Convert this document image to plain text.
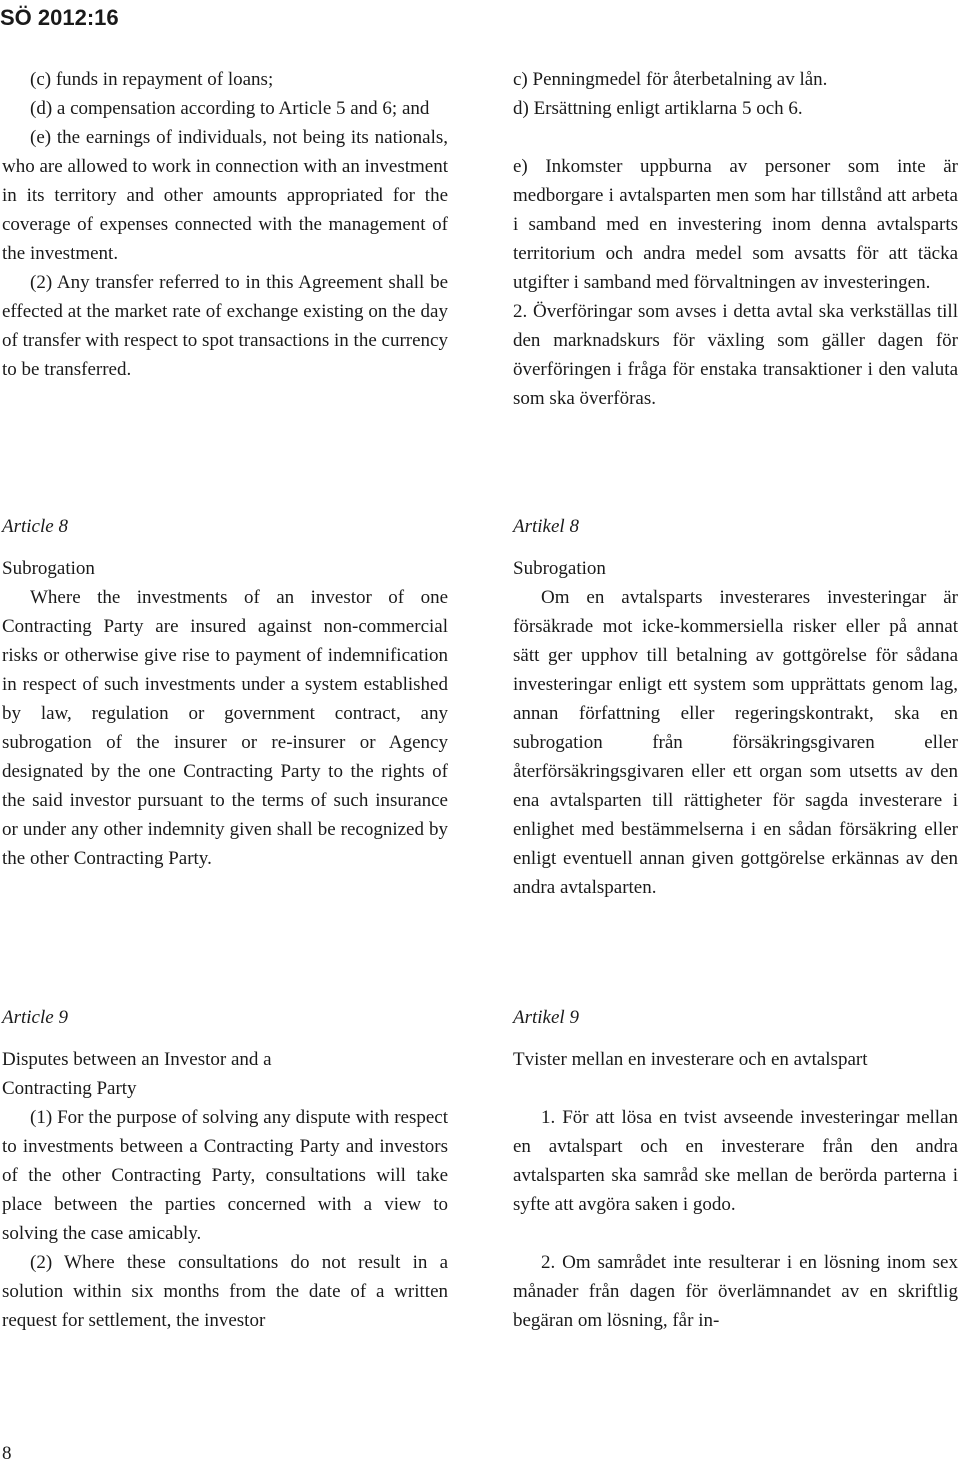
SÖ 2012:16

(c) funds in repayment of loans;

(d) a compensation according to Article 5 and 6; and

(e) the earnings of individuals, not being its nationals, who are allowed to work in connection with an investment in its territory and other amounts appropriated for the coverage of expenses connected with the management of the investment.

(2) Any transfer referred to in this Agreement shall be effected at the market rate of exchange existing on the day of transfer with respect to spot transactions in the currency to be transferred.

c) Penningmedel för återbetalning av lån.

d) Ersättning enligt artiklarna 5 och 6.

e) Inkomster uppburna av personer som inte är medborgare i avtalsparten men som har tillstånd att arbeta i samband med en investering inom denna avtalsparts territorium och andra medel som avsatts för att täcka utgifter i samband med förvaltningen av investeringen.

2. Överföringar som avses i detta avtal ska verkställas till den marknadskurs för växling som gäller dagen för överföringen i fråga för enstaka transaktioner i den valuta som ska överföras.

Article 8

Subrogation

Where the investments of an investor of one Contracting Party are insured against non-commercial risks or otherwise give rise to payment of indemnification in respect of such investments under a system established by law, regulation or government contract, any subrogation of the insurer or re-insurer or Agency designated by the one Contracting Party to the rights of the said investor pursuant to the terms of such insurance or under any other indemnity given shall be recognized by the other Contracting Party.

Artikel 8

Subrogation

Om en avtalsparts investerares investeringar är försäkrade mot icke-kommersiella risker eller på annat sätt ger upphov till betalning av gottgörelse för sådana investeringar enligt ett system som upprättats genom lag, annan författning eller regeringskontrakt, ska en subrogation från försäkringsgivaren eller återförsäkringsgivaren eller ett organ som utsetts av den ena avtalsparten till rättigheter för sagda investerare i enlighet med bestämmelserna i en sådan försäkring eller enligt eventuell annan given gottgörelse erkännas av den andra avtalsparten.

Article 9

Disputes between an Investor and a Contracting Party

(1) For the purpose of solving any dispute with respect to investments between a Contracting Party and investors of the other Contracting Party, consultations will take place between the parties concerned with a view to solving the case amicably.

(2) Where these consultations do not result in a solution within six months from the date of a written request for settlement, the investor

Artikel 9

Tvister mellan en investerare och en avtalspart

1. För att lösa en tvist avseende investeringar mellan en avtalspart och en investerare från den andra avtalsparten ska samråd ske mellan de berörda parterna i syfte att avgöra saken i godo.

2. Om samrådet inte resulterar i en lösning inom sex månader från dagen för överlämnandet av en skriftlig begäran om lösning, får in-

8
